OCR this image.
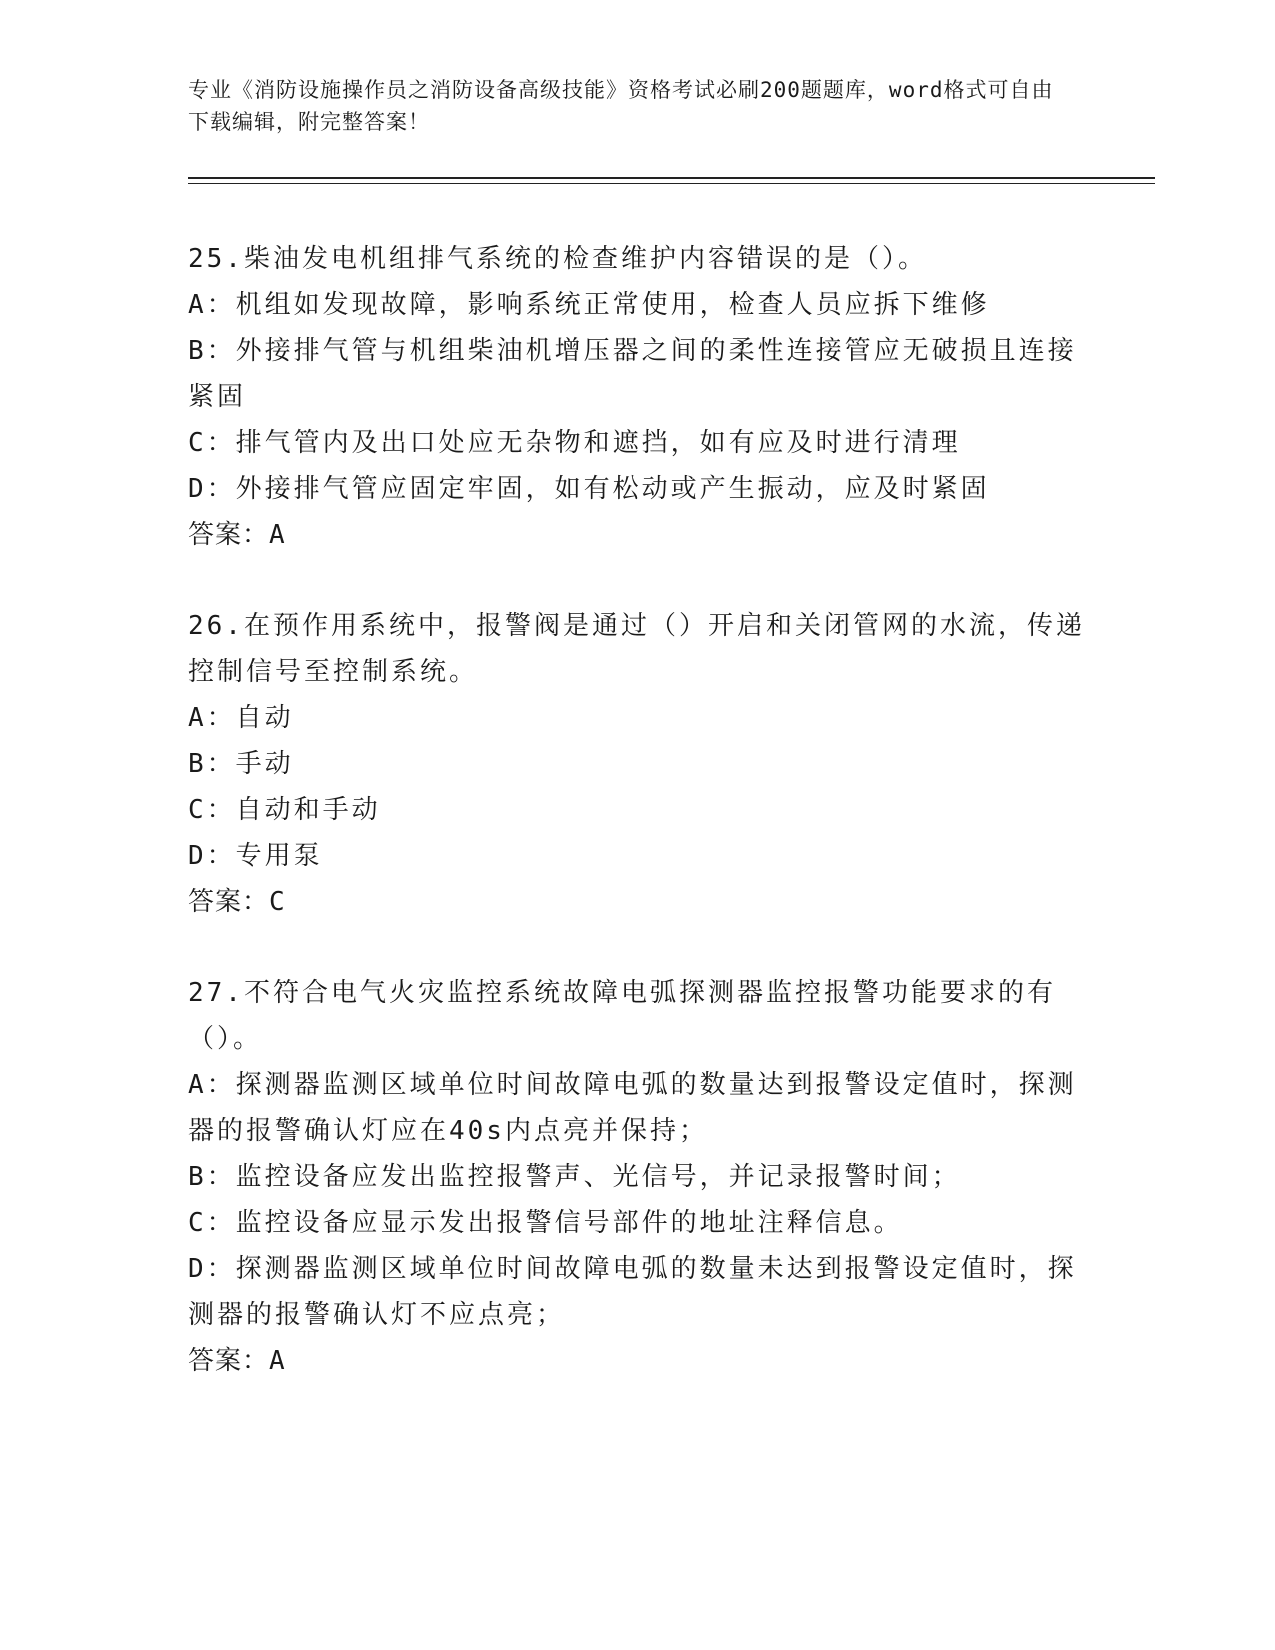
专业《消防设施操作员之消防设备高级技能》资格考试必刷200题题库，word格式可自由下载编辑，附完整答案！

25.柴油发电机组排气系统的检查维护内容错误的是（）。

A：机组如发现故障，影响系统正常使用，检查人员应拆下维修

B：外接排气管与机组柴油机增压器之间的柔性连接管应无破损且连接紧固

C：排气管内及出口处应无杂物和遮挡，如有应及时进行清理

D：外接排气管应固定牢固，如有松动或产生振动，应及时紧固

答案：A

26.在预作用系统中，报警阀是通过（）开启和关闭管网的水流，传递控制信号至控制系统。

A：自动

B：手动

C：自动和手动

D：专用泵

答案：C

27.不符合电气火灾监控系统故障电弧探测器监控报警功能要求的有（）。

A：探测器监测区域单位时间故障电弧的数量达到报警设定值时，探测器的报警确认灯应在40s内点亮并保持；

B：监控设备应发出监控报警声、光信号，并记录报警时间；

C：监控设备应显示发出报警信号部件的地址注释信息。

D：探测器监测区域单位时间故障电弧的数量未达到报警设定值时，探测器的报警确认灯不应点亮；

答案：A
